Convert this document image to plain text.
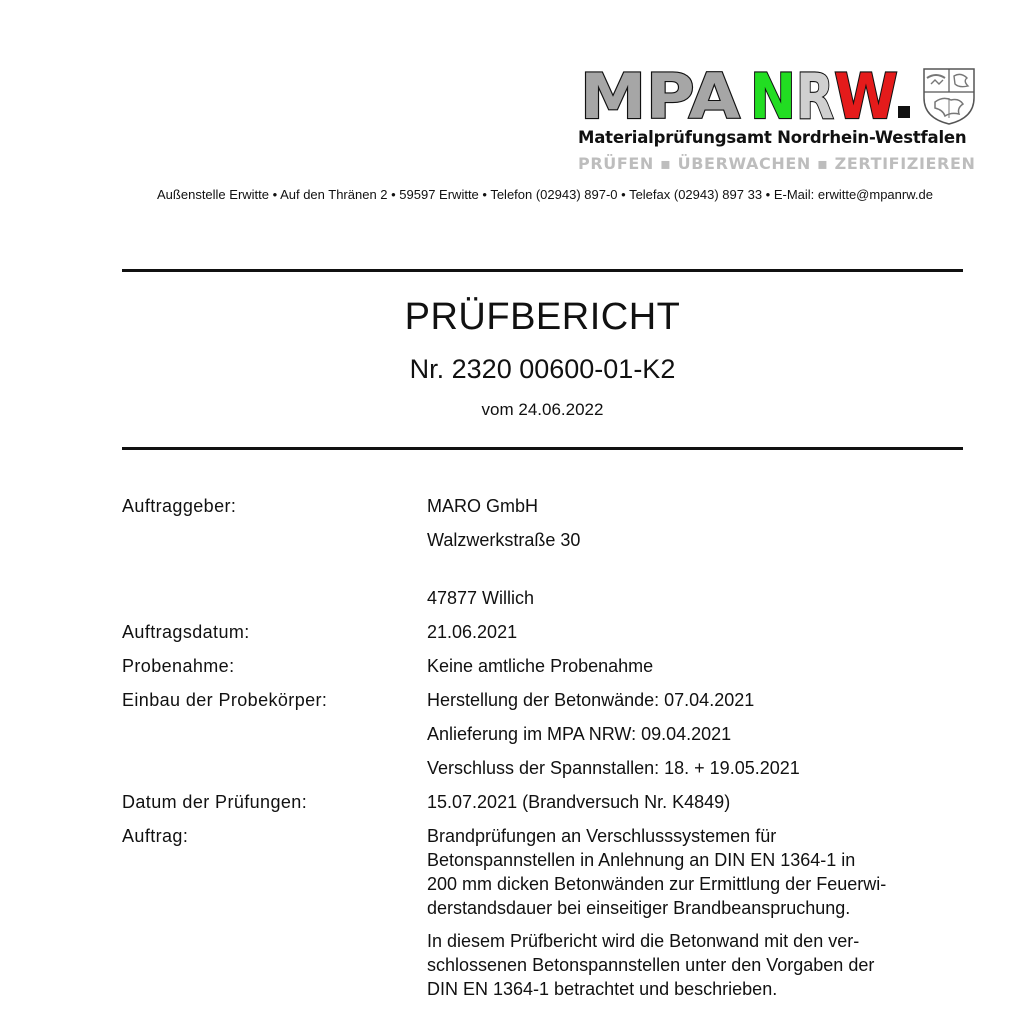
MPA N R W
Materialprüfungsamt Nordrhein-Westfalen
PRÜFEN ▪ ÜBERWACHEN ▪ ZERTIFIZIEREN
Außenstelle Erwitte • Auf den Thränen 2 • 59597 Erwitte • Telefon (02943) 897-0 • Telefax (02943) 897 33 • E-Mail: erwitte@mpanrw.de
PRÜFBERICHT
Nr. 2320 00600-01-K2
vom 24.06.2022
Auftraggeber:	MARO GmbH
Walzwerkstraße 30
47877 Willich
Auftragsdatum:	21.06.2021
Probenahme:	Keine amtliche Probenahme
Einbau der Probekörper:	Herstellung der Betonwände: 07.04.2021
Anlieferung im MPA NRW: 09.04.2021
Verschluss der Spannstallen: 18. + 19.05.2021
Datum der Prüfungen:	15.07.2021 (Brandversuch Nr. K4849)
Auftrag:	Brandprüfungen an Verschlusssystemen für
Betonspannstellen in Anlehnung an DIN EN 1364-1 in
200 mm dicken Betonwänden zur Ermittlung der Feuerwi-
derstandsdauer bei einseitiger Brandbeanspruchung.
In diesem Prüfbericht wird die Betonwand mit den ver-
schlossenen Betonspannstellen unter den Vorgaben der
DIN EN 1364-1 betrachtet und beschrieben.
